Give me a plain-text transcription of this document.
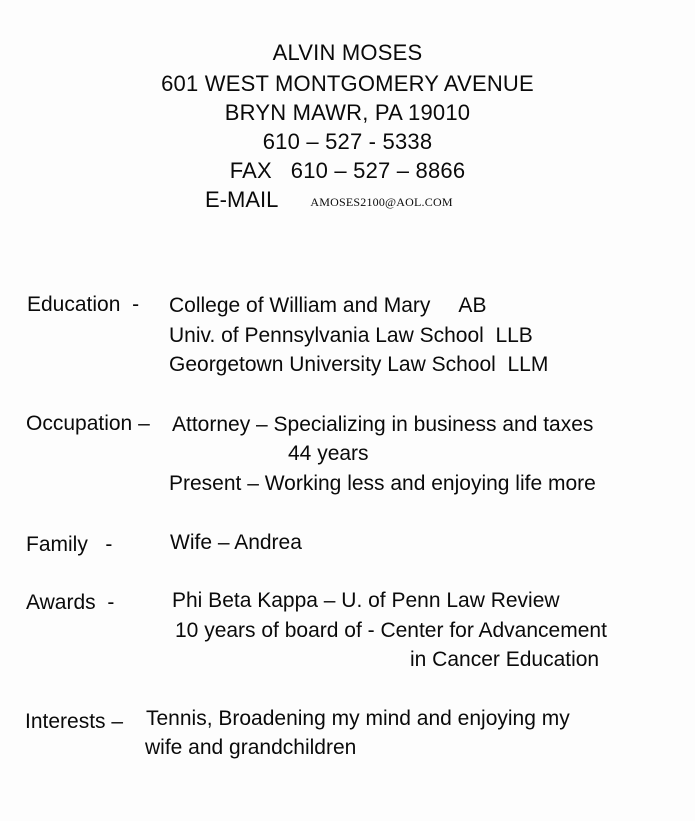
ALVIN MOSES
601 WEST MONTGOMERY AVENUE
BRYN MAWR, PA 19010
610 – 527 - 5338
FAX   610 – 527 – 8866
E-MAIL	AMOSES2100@AOL.COM
Education  - College of William and Mary     AB
Univ. of Pennsylvania Law School  LLB
Georgetown University Law School  LLM
Occupation – Attorney – Specializing in business and taxes
44 years
Present – Working less and enjoying life more
Family   -	Wife – Andrea
Awards  -	Phi Beta Kappa – U. of Penn Law Review
10 years of board of - Center for Advancement
in Cancer Education
Interests – Tennis, Broadening my mind and enjoying my
wife and grandchildren
